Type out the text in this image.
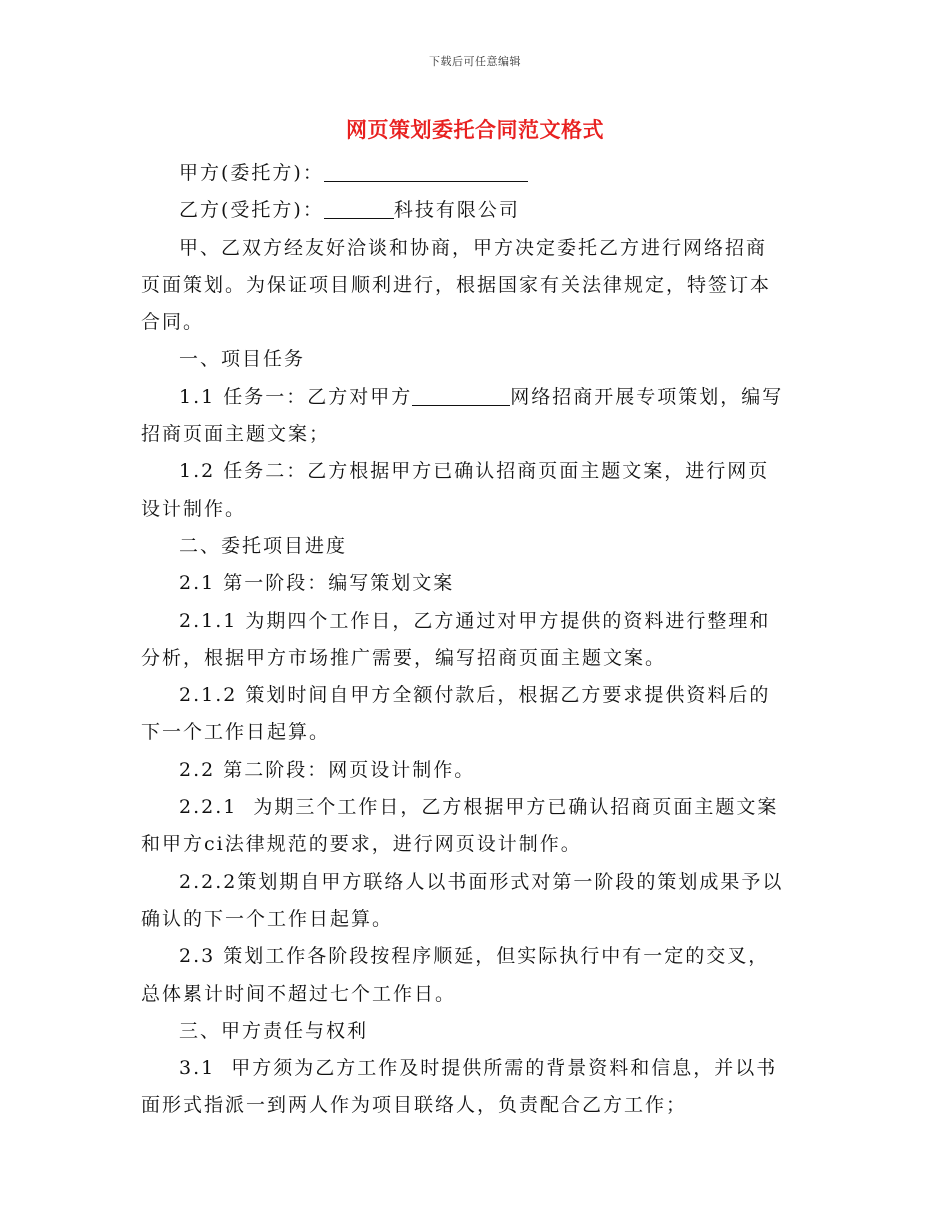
下载后可任意编辑
网页策划委托合同范文格式

甲方(委托方)：

乙方(受托方)：	科技有限公司

甲、乙双方经友好洽谈和协商，甲方决定委托乙方进行网络招商
页面策划。为保证项目顺利进行，根据国家有关法律规定，特签订本
合同。

一、项目任务

1.1 任务一：乙方对甲方	网络招商开展专项策划，编写
招商页面主题文案；

1.2 任务二：乙方根据甲方已确认招商页面主题文案，进行网页
设计制作。

二、委托项目进度

2.1 第一阶段：编写策划文案

2.1.1 为期四个工作日，乙方通过对甲方提供的资料进行整理和
分析，根据甲方市场推广需要，编写招商页面主题文案。

2.1.2 策划时间自甲方全额付款后，根据乙方要求提供资料后的
下一个工作日起算。

2.2 第二阶段：网页设计制作。

2.2.1  为期三个工作日，乙方根据甲方已确认招商页面主题文案
和甲方ci法律规范的要求，进行网页设计制作。

2.2.2策划期自甲方联络人以书面形式对第一阶段的策划成果予以
确认的下一个工作日起算。

2.3 策划工作各阶段按程序顺延，但实际执行中有一定的交叉，
总体累计时间不超过七个工作日。

三、甲方责任与权利

3.1  甲方须为乙方工作及时提供所需的背景资料和信息，并以书
面形式指派一到两人作为项目联络人，负责配合乙方工作；
